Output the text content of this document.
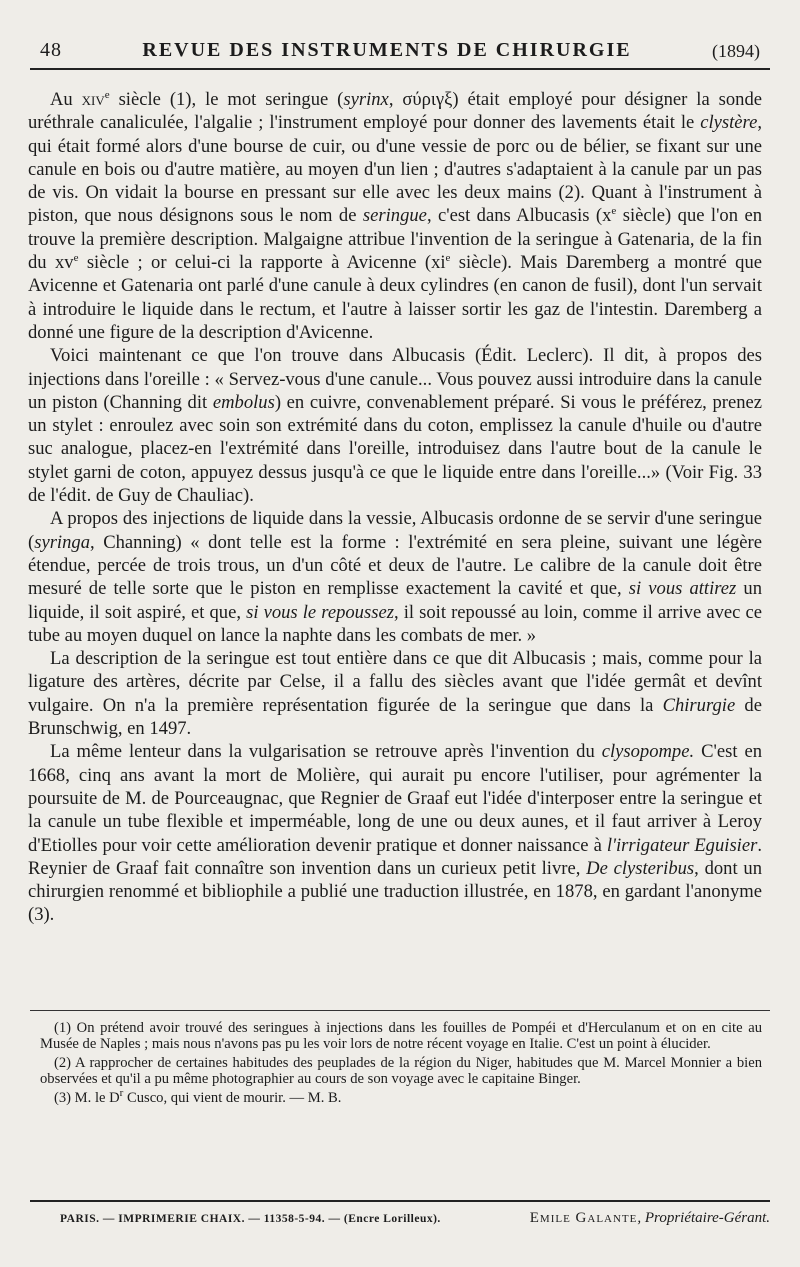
48	REVUE DES INSTRUMENTS DE CHIRURGIE	(1894)

Au xiv$^e$ siècle (1), le mot seringue (syrinx, σύριγξ) était employé pour désigner la sonde uréthrale canaliculée, l'algalie ; l'instrument employé pour donner des lavements était le clystère, qui était formé alors d'une bourse de cuir, ou d'une vessie de porc ou de bélier, se fixant sur une canule en bois ou d'autre matière, au moyen d'un lien ; d'autres s'adaptaient à la canule par un pas de vis. On vidait la bourse en pressant sur elle avec les deux mains (2). Quant à l'instrument à piston, que nous désignons sous le nom de seringue, c'est dans Albucasis ($x^e$ siècle) que l'on en trouve la première description. Malgaigne attribue l'invention de la seringue à Gatenaria, de la fin du $xv^e$ siècle ; or celui-ci la rapporte à Avicenne ($xi^e$ siècle). Mais Daremberg a montré que Avicenne et Gatenaria ont parlé d'une canule à deux cylindres (en canon de fusil), dont l'un servait à introduire le liquide dans le rectum, et l'autre à laisser sortir les gaz de l'intestin. Daremberg a donné une figure de la description d'Avicenne.

Voici maintenant ce que l'on trouve dans Albucasis (Édit. Leclerc). Il dit, à propos des injections dans l'oreille : « Servez-vous d'une canule... Vous pouvez aussi introduire dans la canule un piston (Channing dit embolus) en cuivre, convenablement préparé. Si vous le préférez, prenez un stylet : enroulez avec soin son extrémité dans du coton, emplissez la canule d'huile ou d'autre suc analogue, placez-en l'extrémité dans l'oreille, introduisez dans l'autre bout de la canule le stylet garni de coton, appuyez dessus jusqu'à ce que le liquide entre dans l'oreille...» (Voir Fig. 33 de l'édit. de Guy de Chauliac).

A propos des injections de liquide dans la vessie, Albucasis ordonne de se servir d'une seringue (syringa, Channing) « dont telle est la forme : l'extrémité en sera pleine, suivant une légère étendue, percée de trois trous, un d'un côté et deux de l'autre. Le calibre de la canule doit être mesuré de telle sorte que le piston en remplisse exactement la cavité et que, si vous attirez un liquide, il soit aspiré, et que, si vous le repoussez, il soit repoussé au loin, comme il arrive avec ce tube au moyen duquel on lance la naphte dans les combats de mer. »

La description de la seringue est tout entière dans ce que dit Albucasis ; mais, comme pour la ligature des artères, décrite par Celse, il a fallu des siècles avant que l'idée germât et devînt vulgaire. On n'a la première représentation figurée de la seringue que dans la Chirurgie de Brunschwig, en 1497.

La même lenteur dans la vulgarisation se retrouve après l'invention du clysopompe. C'est en 1668, cinq ans avant la mort de Molière, qui aurait pu encore l'utiliser, pour agrémenter la poursuite de M. de Pourceaugnac, que Regnier de Graaf eut l'idée d'interposer entre la seringue et la canule un tube flexible et imperméable, long de une ou deux aunes, et il faut arriver à Leroy d'Etiolles pour voir cette amélioration devenir pratique et donner naissance à l'irrigateur Eguisier. Reynier de Graaf fait connaître son invention dans un curieux petit livre, De clysteribus, dont un chirurgien renommé et bibliophile a publié une traduction illustrée, en 1878, en gardant l'anonyme (3).

(1) On prétend avoir trouvé des seringues à injections dans les fouilles de Pompéi et d'Herculanum et on en cite au Musée de Naples ; mais nous n'avons pas pu les voir lors de notre récent voyage en Italie. C'est un point à élucider.

(2) A rapprocher de certaines habitudes des peuplades de la région du Niger, habitudes que M. Marcel Monnier a bien observées et qu'il a pu même photographier au cours de son voyage avec le capitaine Binger.

(3) M. le $D^r$ Cusco, qui vient de mourir. — M. B.

PARIS. — IMPRIMERIE CHAIX. — 11358-5-94. — (Encre Lorilleux).	Emile Galante, Propriétaire-Gérant.
